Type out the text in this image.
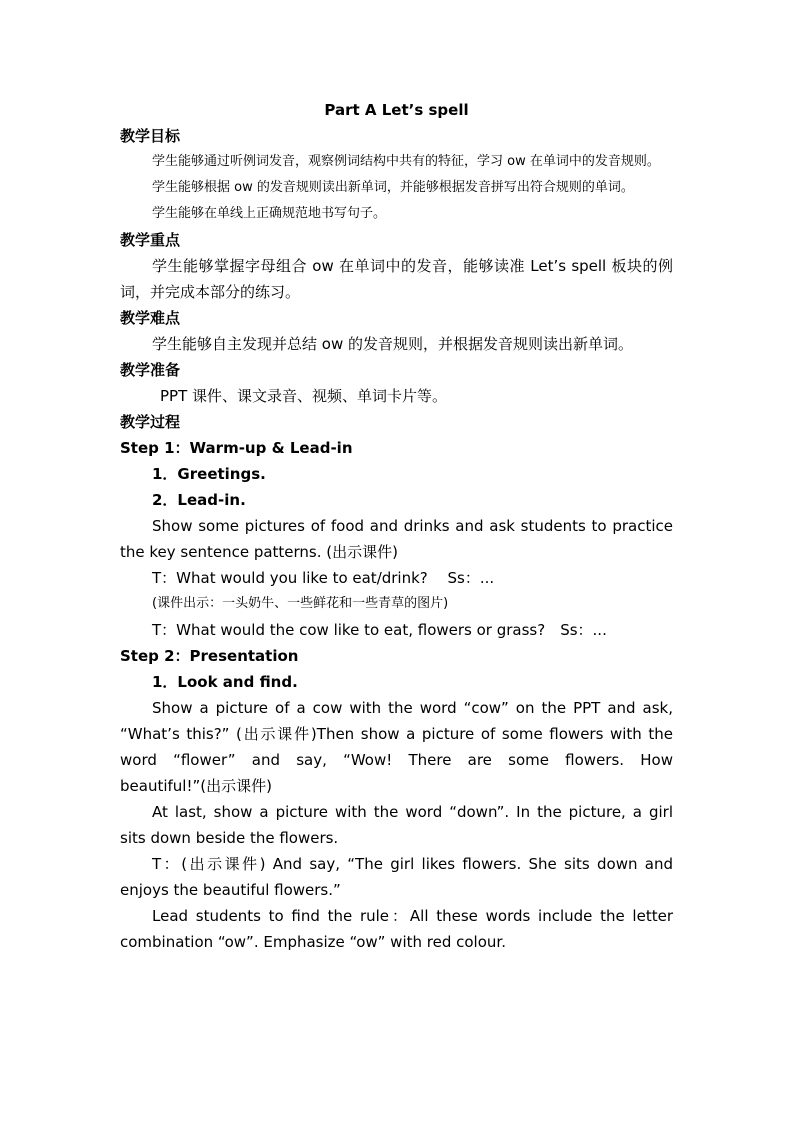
Part A Let’s spell
教学目标
学生能够通过听例词发音，观察例词结构中共有的特征，学习 ow 在单词中的发音规则。
学生能够根据 ow 的发音规则读出新单词，并能够根据发音拼写出符合规则的单词。
学生能够在单线上正确规范地书写句子。
教学重点
学生能够掌握字母组合 ow 在单词中的发音，能够读准 Let’s spell 板块的例词，并完成本部分的练习。
教学难点
学生能够自主发现并总结 ow 的发音规则，并根据发音规则读出新单词。
教学准备
PPT 课件、课文录音、视频、单词卡片等。
教学过程
Step 1：Warm-up & Lead-in
1．Greetings.
2．Lead-in.
Show some pictures of food and drinks and ask students to practice the key sentence patterns. (出示课件)
T：What would you like to eat/drink?　 Ss：...
(课件出示：一头奶牛、一些鲜花和一些青草的图片)
T：What would the cow like to eat, flowers or grass?　Ss：...
Step 2：Presentation
1．Look and find.
Show a picture of a cow with the word “cow” on the PPT and ask, “What’s this?” (出示课件)Then show a picture of some flowers with the word “flower” and say, “Wow! There are some flowers. How beautiful!”(出示课件)
At last, show a picture with the word “down”. In the picture, a girl sits down beside the flowers.
T：(出示课件) And say, “The girl likes flowers. She sits down and enjoys the beautiful flowers.”
Lead students to find the rule：All these words include the letter combination “ow”. Emphasize “ow” with red colour.
